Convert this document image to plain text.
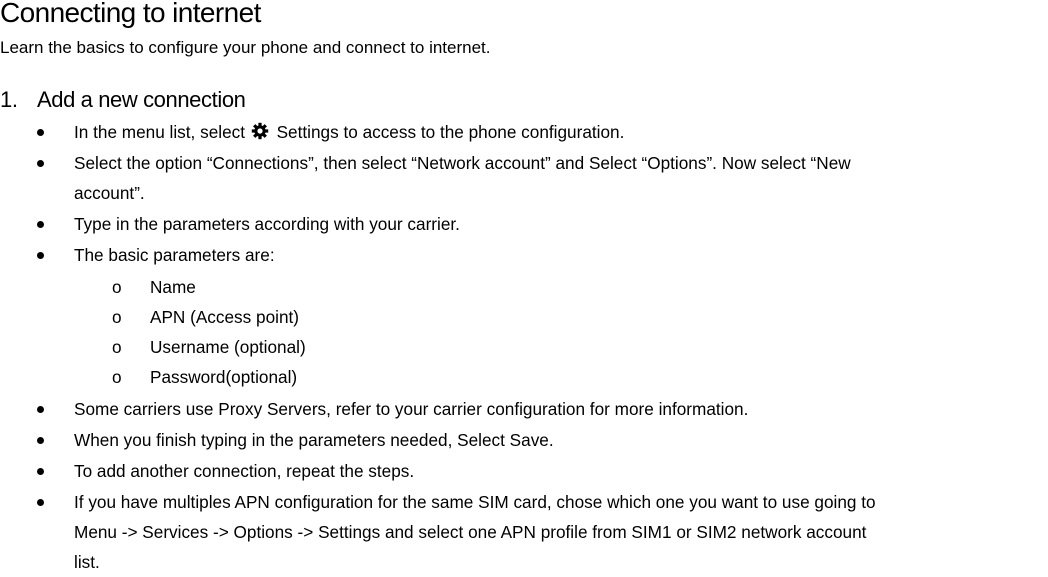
Connecting to internet
Learn the basics to configure your phone and connect to internet.
1. Add a new connection
In the menu list, select Settings to access to the phone configuration.
Select the option “Connections”, then select “Network account” and Select “Options”. Now select “New
account”.
Type in the parameters according with your carrier.
The basic parameters are:
o Name
o APN (Access point)
o Username (optional)
o Password(optional)
Some carriers use Proxy Servers, refer to your carrier configuration for more information.
When you finish typing in the parameters needed, Select Save.
To add another connection, repeat the steps.
If you have multiples APN configuration for the same SIM card, chose which one you want to use going to
Menu -> Services -> Options -> Settings and select one APN profile from SIM1 or SIM2 network account
list.
